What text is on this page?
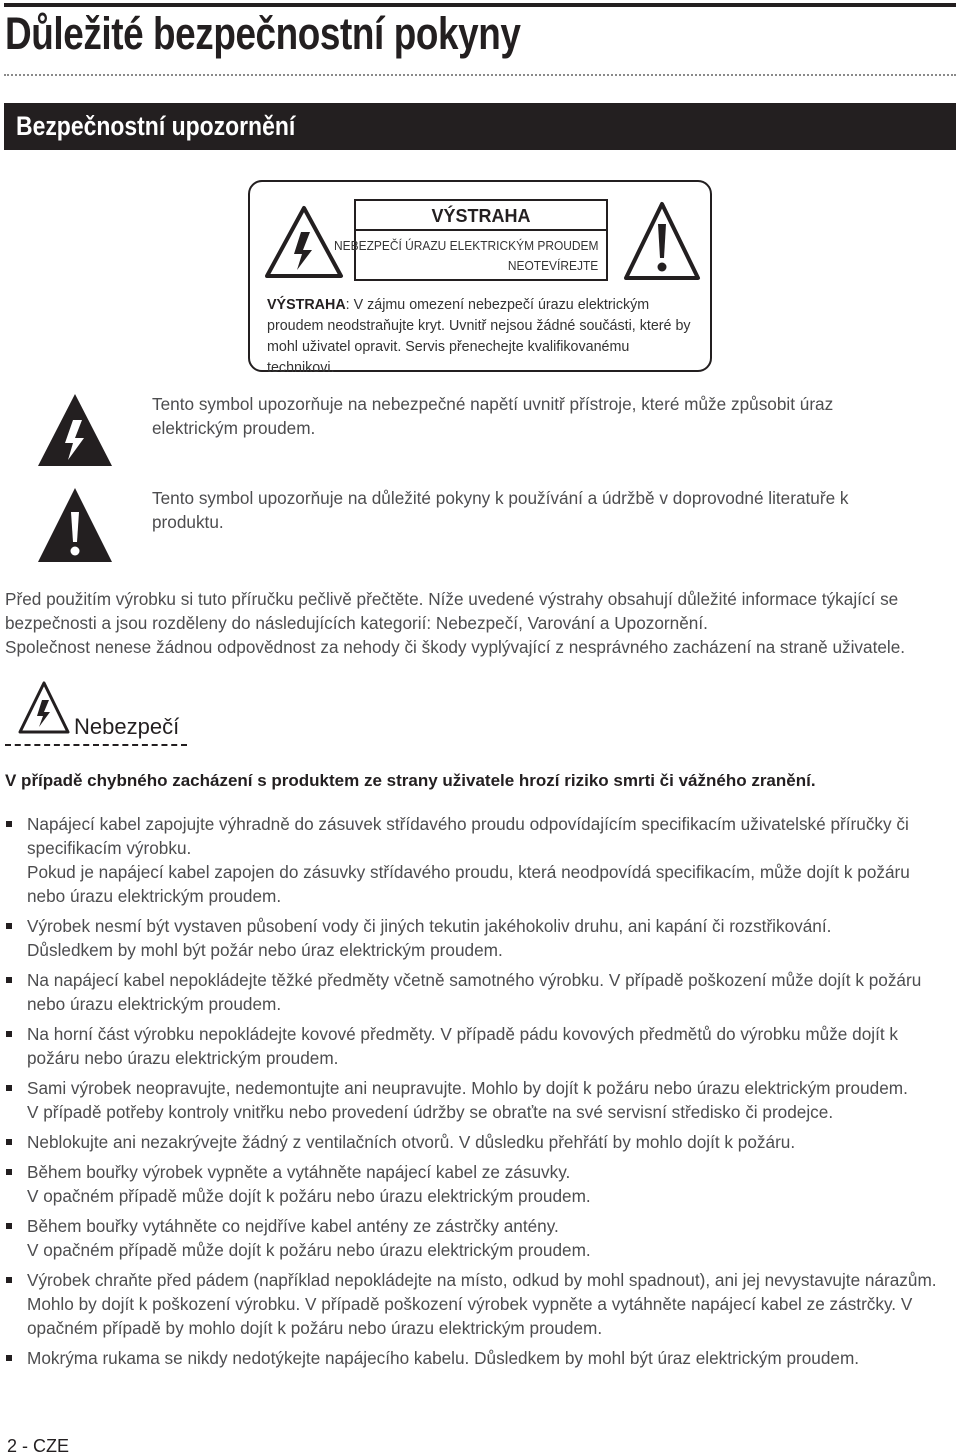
Důležité bezpečnostní pokyny
Bezpečnostní upozornění
VÝSTRAHA
NEBEZPEČÍ ÚRAZU ELEKTRICKÝM PROUDEM
NEOTEVÍREJTE

VÝSTRAHA: V zájmu omezení nebezpečí úrazu elektrickým proudem neodstraňujte kryt. Uvnitř nejsou žádné součásti, které by mohl uživatel opravit. Servis přenechejte kvalifikovanému technikovi.

Tento symbol upozorňuje na nebezpečné napětí uvnitř přístroje, které může způsobit úraz elektrickým proudem.

Tento symbol upozorňuje na důležité pokyny k používání a údržbě v doprovodné literatuře k produktu.

Před použitím výrobku si tuto příručku pečlivě přečtěte. Níže uvedené výstrahy obsahují důležité informace týkající se bezpečnosti a jsou rozděleny do následujících kategorií: Nebezpečí, Varování a Upozornění.

Společnost nenese žádnou odpovědnost za nehody či škody vyplývající z nesprávného zacházení na straně uživatele.

Nebezpečí

V případě chybného zacházení s produktem ze strany uživatele hrozí riziko smrti či vážného zranění.

Napájecí kabel zapojujte výhradně do zásuvek střídavého proudu odpovídajícím specifikacím uživatelské příručky či specifikacím výrobku.
Pokud je napájecí kabel zapojen do zásuvky střídavého proudu, která neodpovídá specifikacím, může dojít k požáru nebo úrazu elektrickým proudem.
Výrobek nesmí být vystaven působení vody či jiných tekutin jakéhokoliv druhu, ani kapání či rozstřikování.
Důsledkem by mohl být požár nebo úraz elektrickým proudem.
Na napájecí kabel nepokládejte těžké předměty včetně samotného výrobku. V případě poškození může dojít k požáru nebo úrazu elektrickým proudem.
Na horní část výrobku nepokládejte kovové předměty. V případě pádu kovových předmětů do výrobku může dojít k požáru nebo úrazu elektrickým proudem.
Sami výrobek neopravujte, nedemontujte ani neupravujte. Mohlo by dojít k požáru nebo úrazu elektrickým proudem.
V případě potřeby kontroly vnitřku nebo provedení údržby se obraťte na své servisní středisko či prodejce.
Neblokujte ani nezakrývejte žádný z ventilačních otvorů. V důsledku přehřátí by mohlo dojít k požáru.
Během bouřky výrobek vypněte a vytáhněte napájecí kabel ze zásuvky.
V opačném případě může dojít k požáru nebo úrazu elektrickým proudem.
Během bouřky vytáhněte co nejdříve kabel antény ze zástrčky antény.
V opačném případě může dojít k požáru nebo úrazu elektrickým proudem.
Výrobek chraňte před pádem (například nepokládejte na místo, odkud by mohl spadnout), ani jej nevystavujte nárazům. Mohlo by dojít k poškození výrobku. V případě poškození výrobek vypněte a vytáhněte napájecí kabel ze zástrčky. V opačném případě by mohlo dojít k požáru nebo úrazu elektrickým proudem.
Mokrýma rukama se nikdy nedotýkejte napájecího kabelu. Důsledkem by mohl být úraz elektrickým proudem.
2 - CZE
